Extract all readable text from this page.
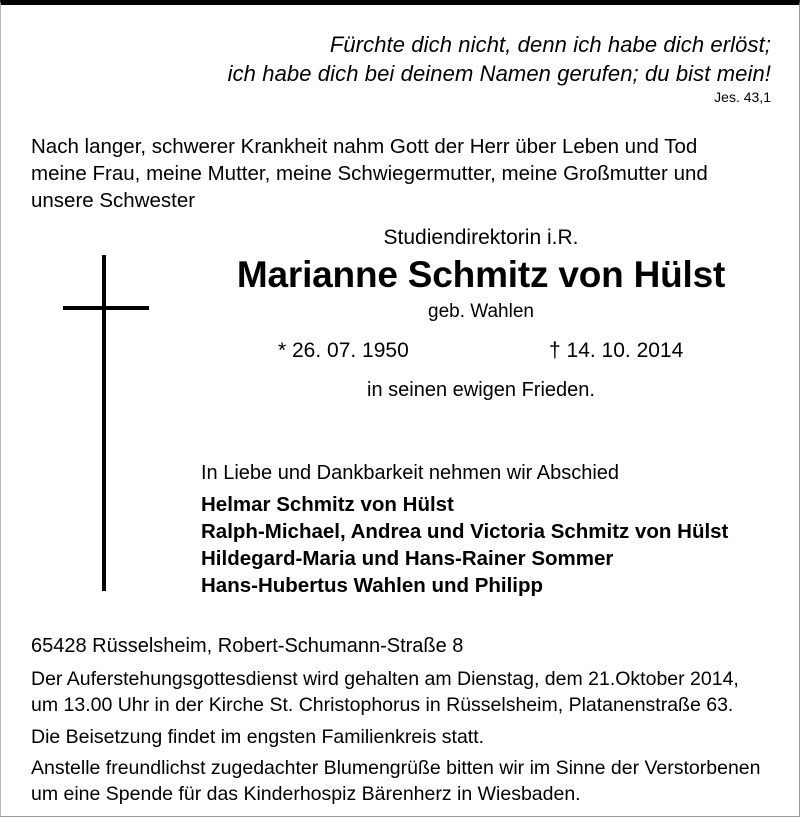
Fürchte dich nicht, denn ich habe dich erlöst;
ich habe dich bei deinem Namen gerufen; du bist mein!
Jes. 43,1
Nach langer, schwerer Krankheit nahm Gott der Herr über Leben und Tod
meine Frau, meine Mutter, meine Schwiegermutter, meine Großmutter und
unsere Schwester
Studiendirektorin i.R.
Marianne Schmitz von Hülst
geb. Wahlen
* 26. 07. 1950	† 14. 10. 2014
in seinen ewigen Frieden.
In Liebe und Dankbarkeit nehmen wir Abschied
Helmar Schmitz von Hülst
Ralph-Michael, Andrea und Victoria Schmitz von Hülst
Hildegard-Maria und Hans-Rainer Sommer
Hans-Hubertus Wahlen und Philipp
65428 Rüsselsheim, Robert-Schumann-Straße 8
Der Auferstehungsgottesdienst wird gehalten am Dienstag, dem 21.Oktober 2014,
um 13.00 Uhr in der Kirche St. Christophorus in Rüsselsheim, Platanenstraße 63.
Die Beisetzung findet im engsten Familienkreis statt.
Anstelle freundlichst zugedachter Blumengrüße bitten wir im Sinne der Verstorbenen
um eine Spende für das Kinderhospiz Bärenherz in Wiesbaden.
